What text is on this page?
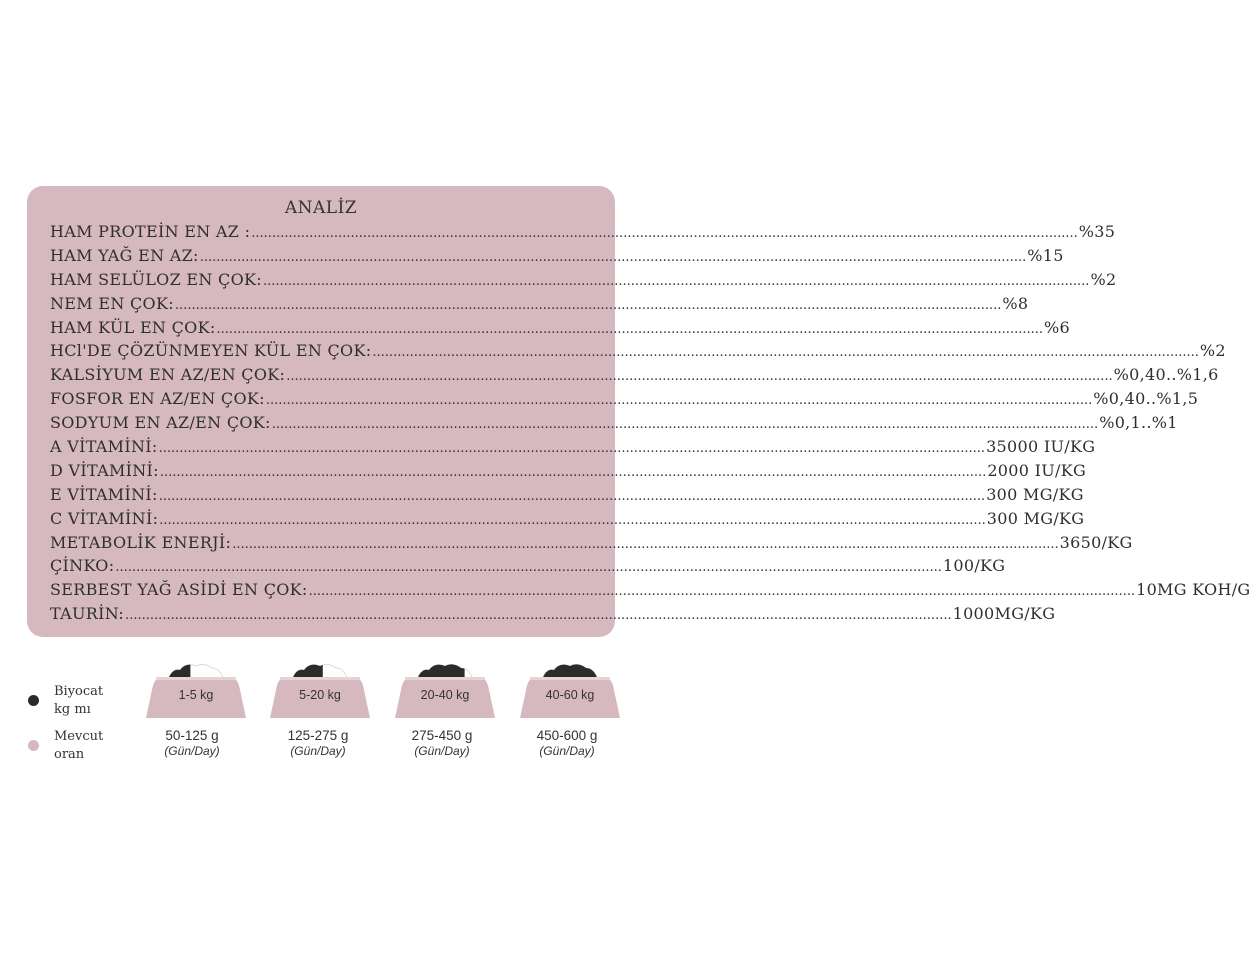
ANALİZ
HAM PROTEİN EN AZ : ........................................................................................................................................................................................................ %35
HAM YAĞ EN AZ: ........................................................................................................................................................................................................ %15
HAM SELÜLOZ EN ÇOK: ........................................................................................................................................................................................................ %2
NEM EN ÇOK: ........................................................................................................................................................................................................ %8
HAM KÜL EN ÇOK: ........................................................................................................................................................................................................ %6
HCl'DE ÇÖZÜNMEYEN KÜL EN ÇOK: ........................................................................................................................................................................................................ %2
KALSİYUM EN AZ/EN ÇOK: ........................................................................................................................................................................................................ %0,40..%1,6
FOSFOR EN AZ/EN ÇOK: ........................................................................................................................................................................................................ %0,40..%1,5
SODYUM EN AZ/EN ÇOK: ........................................................................................................................................................................................................ %0,1..%1
A VİTAMİNİ: ........................................................................................................................................................................................................ 35000 IU/KG
D VİTAMİNİ: ........................................................................................................................................................................................................ 2000 IU/KG
E VİTAMİNİ: ........................................................................................................................................................................................................ 300 MG/KG
C VİTAMİNİ: ........................................................................................................................................................................................................ 300 MG/KG
METABOLİK ENERJİ: ........................................................................................................................................................................................................ 3650/KG
ÇİNKO: ........................................................................................................................................................................................................ 100/KG
SERBEST YAĞ ASİDİ EN ÇOK: ........................................................................................................................................................................................................ 10MG KOH/G
TAURİN: ........................................................................................................................................................................................................ 1000MG/KG
Biyocat
kg mı
Mevcut
oran
1-5 kg
50-125 g
(Gün/Day)
5-20 kg
125-275 g
(Gün/Day)
20-40 kg
275-450 g
(Gün/Day)
40-60 kg
450-600 g
(Gün/Day)
